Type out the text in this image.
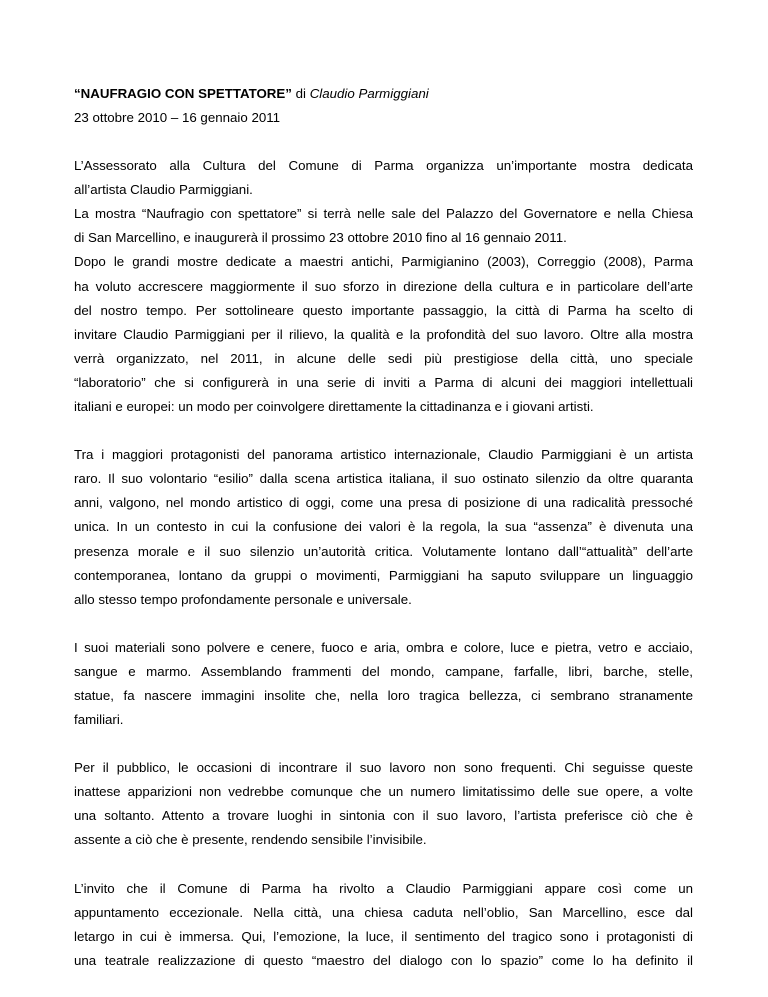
“NAUFRAGIO CON SPETTATORE” di Claudio Parmiggiani

23 ottobre 2010 – 16 gennaio 2011

L’Assessorato alla Cultura del Comune di Parma organizza un’importante mostra dedicata
all’artista Claudio Parmiggiani.
La mostra “Naufragio con spettatore” si terrà nelle sale del Palazzo del Governatore e nella Chiesa
di San Marcellino, e inaugurerà il prossimo 23 ottobre 2010 fino al 16 gennaio 2011.
Dopo le grandi mostre dedicate a maestri antichi, Parmigianino (2003), Correggio (2008), Parma
ha voluto accrescere maggiormente il suo sforzo in direzione della cultura e in particolare dell’arte
del nostro tempo. Per sottolineare questo importante passaggio, la città di Parma ha scelto di
invitare Claudio Parmiggiani per il rilievo, la qualità e la profondità del suo lavoro. Oltre alla mostra
verrà organizzato, nel 2011, in alcune delle sedi più prestigiose della città, uno speciale
“laboratorio” che si configurerà in una serie di inviti a Parma di alcuni dei maggiori intellettuali
italiani e europei: un modo per coinvolgere direttamente la cittadinanza e i giovani artisti.
Tra i maggiori protagonisti del panorama artistico internazionale, Claudio Parmiggiani è un artista
raro. Il suo volontario “esilio” dalla scena artistica italiana, il suo ostinato silenzio da oltre quaranta
anni, valgono, nel mondo artistico di oggi, come una presa di posizione di una radicalità pressoché
unica. In un contesto in cui la confusione dei valori è la regola, la sua “assenza” è divenuta una
presenza morale e il suo silenzio un’autorità critica. Volutamente lontano dall’“attualità” dell’arte
contemporanea, lontano da gruppi o movimenti, Parmiggiani ha saputo sviluppare un linguaggio
allo stesso tempo profondamente personale e universale.
I suoi materiali sono polvere e cenere, fuoco e aria, ombra e colore, luce e pietra, vetro e acciaio,
sangue e marmo. Assemblando frammenti del mondo, campane, farfalle, libri, barche, stelle,
statue, fa nascere immagini insolite che, nella loro tragica bellezza, ci sembrano stranamente
familiari.
Per il pubblico, le occasioni di incontrare il suo lavoro non sono frequenti. Chi seguisse queste
inattese apparizioni non vedrebbe comunque che un numero limitatissimo delle sue opere, a volte
una soltanto. Attento a trovare luoghi in sintonia con il suo lavoro, l’artista preferisce ciò che è
assente a ciò che è presente, rendendo sensibile l’invisibile.
L’invito che il Comune di Parma ha rivolto a Claudio Parmiggiani appare così come un
appuntamento eccezionale. Nella città, una chiesa caduta nell’oblio, San Marcellino, esce dal
letargo in cui è immersa. Qui, l’emozione, la luce, il sentimento del tragico sono i protagonisti di
una teatrale realizzazione di questo “maestro del dialogo con lo spazio” come lo ha definito il
